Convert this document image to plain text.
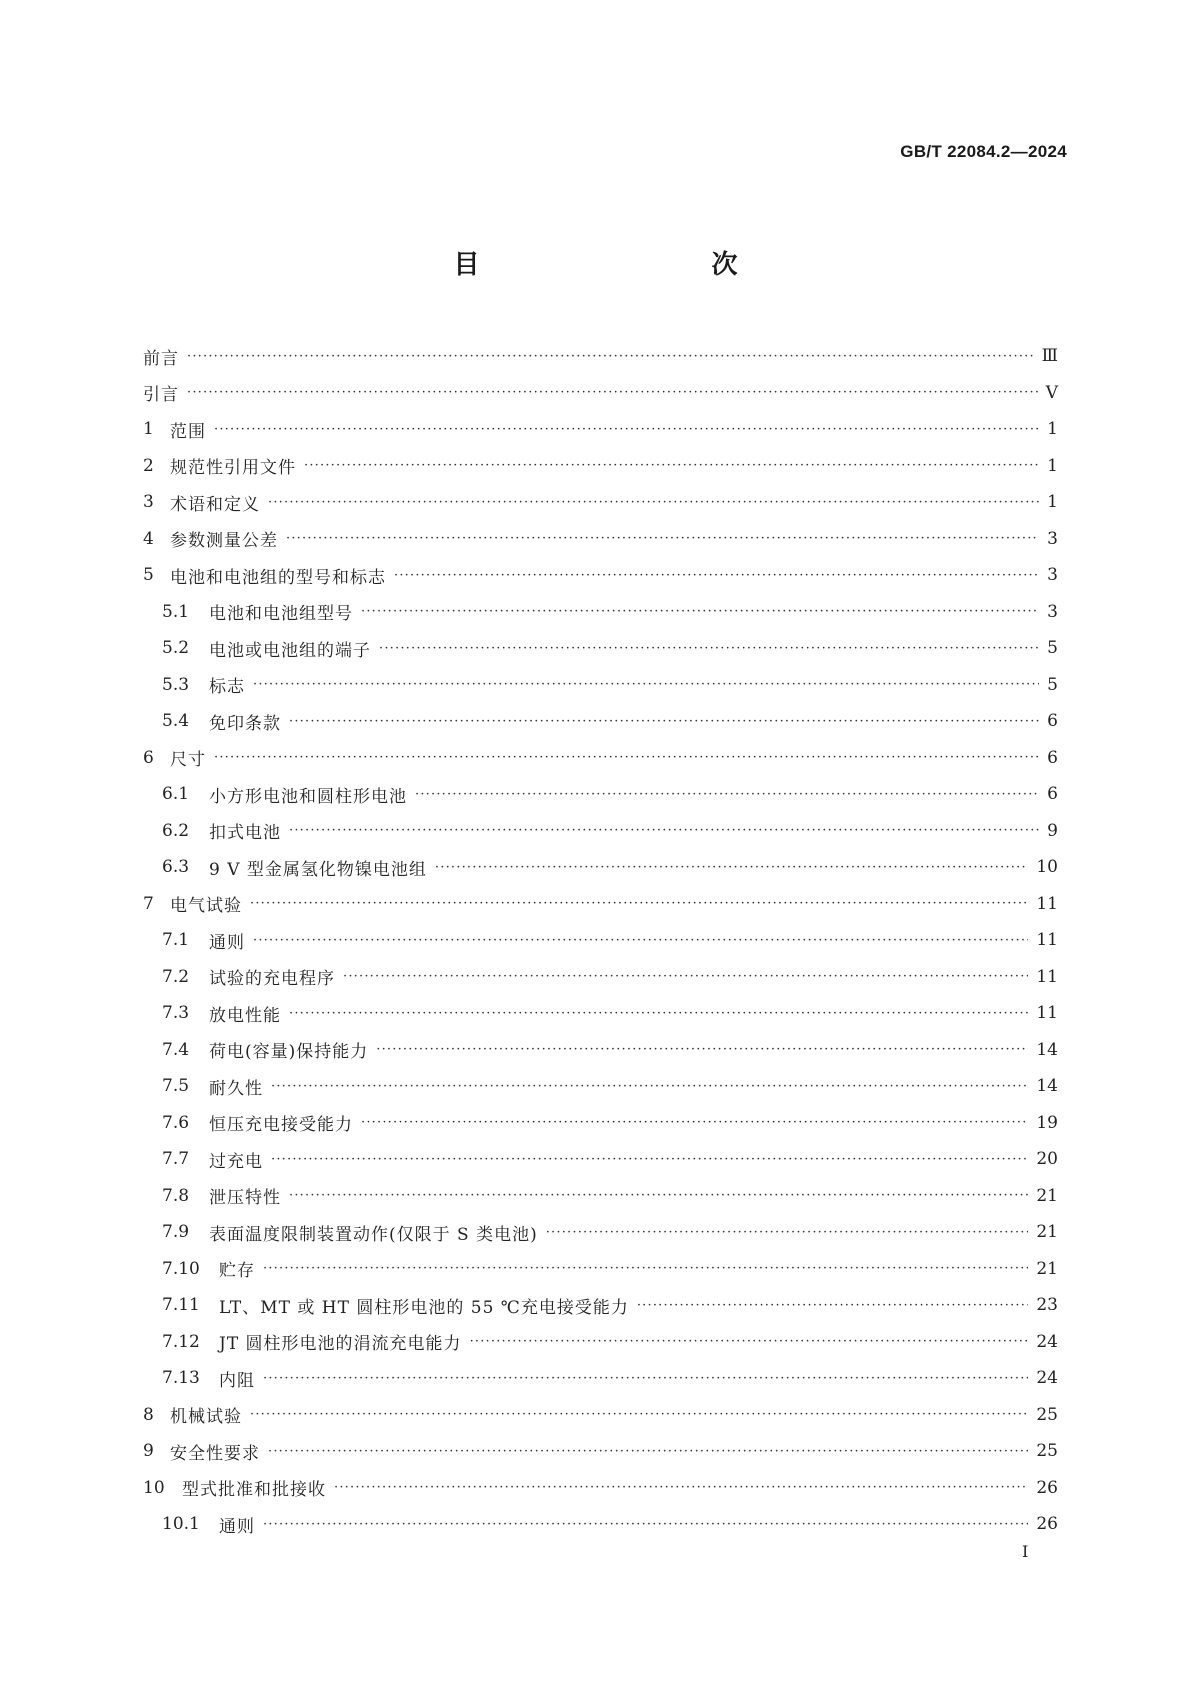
GB/T 22084.2—2024
目　　次
前言 ·····	Ⅲ
引言 ·····	Ⅴ
1 范围 ·····	1
2 规范性引用文件 ·····	1
3 术语和定义 ·····	1
4 参数测量公差 ·····	3
5 电池和电池组的型号和标志 ·····	3
5.1	电池和电池组型号 ·····	3
5.2	电池或电池组的端子 ·····	5
5.3	标志 ·····	5
5.4	免印条款 ·····	6
6 尺寸 ·····	6
6.1	小方形电池和圆柱形电池 ·····	6
6.2	扣式电池 ·····	9
6.3	9 V 型金属氢化物镍电池组 ·····	10
7 电气试验 ·····	11
7.1	通则 ·····	11
7.2	试验的充电程序 ·····	11
7.3	放电性能 ·····	11
7.4	荷电(容量)保持能力 ·····	14
7.5	耐久性 ·····	14
7.6	恒压充电接受能力 ·····	19
7.7	过充电 ·····	20
7.8	泄压特性 ·····	21
7.9	表面温度限制装置动作(仅限于 S 类电池) ·····	21
7.10	贮存 ·····	21
7.11	LT、MT 或 HT 圆柱形电池的 55 ℃充电接受能力 ·····	23
7.12	JT 圆柱形电池的涓流充电能力 ·····	24
7.13	内阻 ·····	24
8 机械试验 ·····	25
9 安全性要求 ·····	25
10	型式批准和批接收 ·····	26
10.1	通则 ·····	26
Ⅰ
